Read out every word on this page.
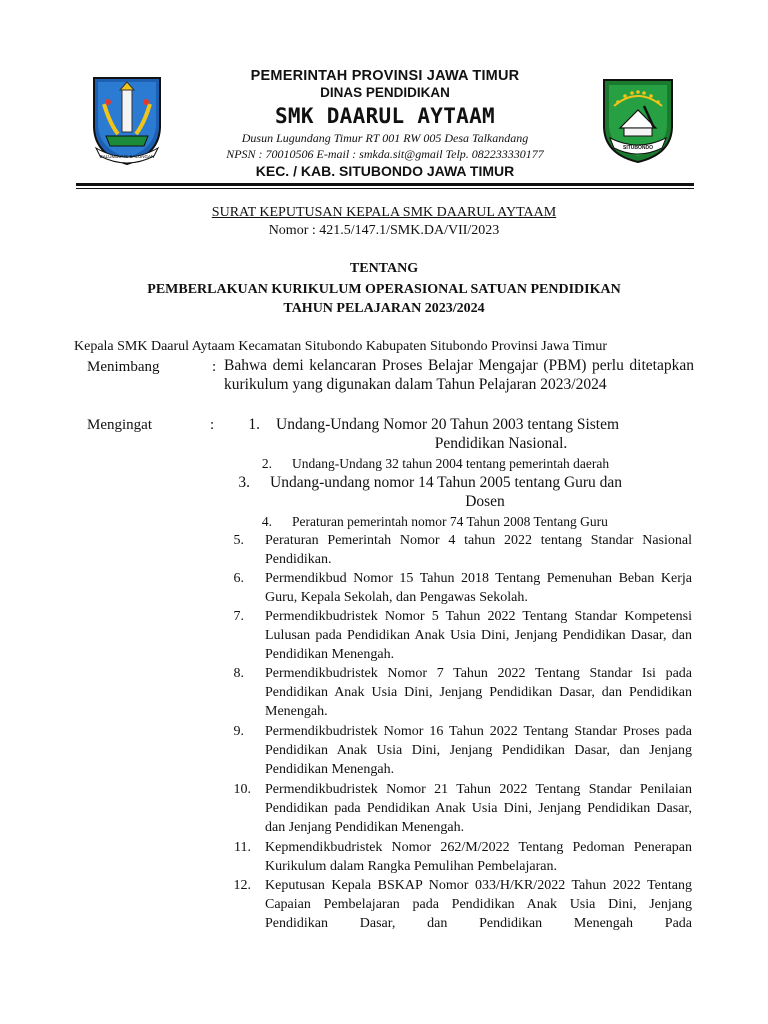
BALUMBUNG BALUNGAN
PEMERINTAH PROVINSI JAWA TIMUR
DINAS PENDIDIKAN
SMK DAARUL AYTAAM
Dusun Lugundang Timur RT 001 RW 005 Desa Talkandang
NPSN : 70010506 E-mail : smkda.sit@gmail Telp. 082233330177
KEC. / KAB. SITUBONDO JAWA TIMUR
SITUBONDO
SURAT KEPUTUSAN KEPALA SMK DAARUL AYTAAM
Nomor : 421.5/147.1/SMK.DA/VII/2023
TENTANG
PEMBERLAKUAN KURIKULUM OPERASIONAL SATUAN PENDIDIKAN
TAHUN PELAJARAN 2023/2024
Kepala SMK Daarul Aytaam Kecamatan Situbondo Kabupaten Situbondo Provinsi Jawa Timur
Menimbang	: Bahwa demi kelancaran Proses Belajar Mengajar (PBM) perlu ditetapkan kurikulum yang digunakan dalam Tahun Pelajaran 2023/2024
Mengingat	:	1. Undang-Undang Nomor 20 Tahun 2003 tentang Sistem
Pendidikan Nasional.
2. Undang-Undang 32 tahun 2004 tentang pemerintah daerah
3. Undang-undang nomor 14 Tahun 2005 tentang Guru dan
Dosen
4. Peraturan pemerintah nomor 74 Tahun 2008 Tentang Guru
5. Peraturan Pemerintah Nomor 4 tahun 2022 tentang Standar Nasional Pendidikan.
6. Permendikbud Nomor 15 Tahun 2018 Tentang Pemenuhan Beban Kerja Guru, Kepala Sekolah, dan Pengawas Sekolah.
7. Permendikbudristek Nomor 5 Tahun 2022 Tentang Standar Kompetensi Lulusan pada Pendidikan Anak Usia Dini, Jenjang Pendidikan Dasar, dan Pendidikan Menengah.
8. Permendikbudristek Nomor 7 Tahun 2022 Tentang Standar Isi pada Pendidikan Anak Usia Dini, Jenjang Pendidikan Dasar, dan Pendidikan Menengah.
9. Permendikbudristek Nomor 16 Tahun 2022 Tentang Standar Proses pada Pendidikan Anak Usia Dini, Jenjang Pendidikan Dasar, dan Jenjang Pendidikan Menengah.
10. Permendikbudristek Nomor 21 Tahun 2022 Tentang Standar Penilaian Pendidikan pada Pendidikan Anak Usia Dini, Jenjang Pendidikan Dasar, dan Jenjang Pendidikan Menengah.
11. Kepmendikbudristek Nomor 262/M/2022 Tentang Pedoman Penerapan Kurikulum dalam Rangka Pemulihan Pembelajaran.
12. Keputusan Kepala BSKAP Nomor 033/H/KR/2022 Tahun 2022 Tentang Capaian Pembelajaran pada Pendidikan Anak Usia Dini, Jenjang Pendidikan Dasar, dan Pendidikan Menengah Pada
